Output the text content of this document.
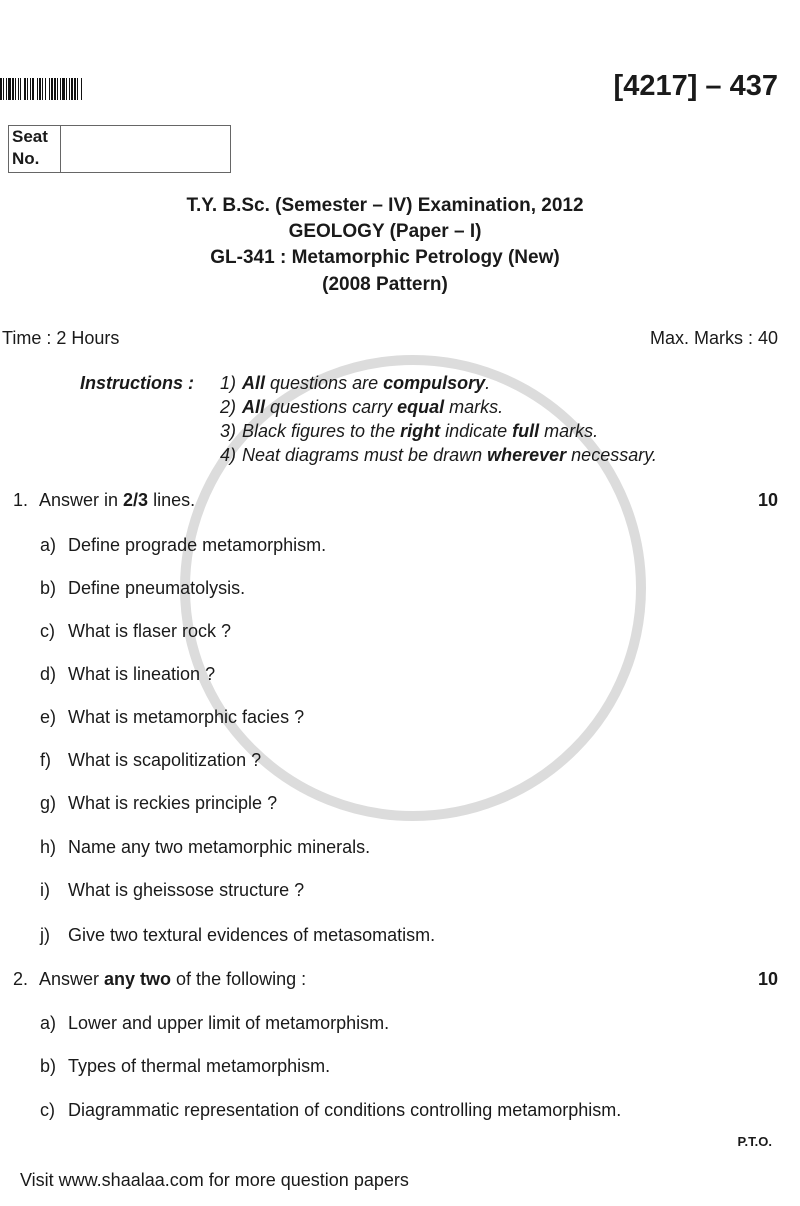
[4217] – 437
Seat
No.
T.Y. B.Sc. (Semester – IV) Examination, 2012
GEOLOGY (Paper – I)
GL-341 : Metamorphic Petrology (New)
(2008 Pattern)
Time : 2 Hours	Max. Marks : 40
Instructions :	1) All questions are compulsory.
2) All questions carry equal marks.
3) Black figures to the right indicate full marks.
4) Neat diagrams must be drawn wherever necessary.
1. Answer in 2/3 lines.	10
a) Define prograde metamorphism.
b) Define pneumatolysis.
c) What is flaser rock ?
d) What is lineation ?
e) What is metamorphic facies ?
f) What is scapolitization ?
g) What is reckies principle ?
h) Name any two metamorphic minerals.
i) What is gheissose structure ?
j) Give two textural evidences of metasomatism.
2. Answer any two of the following :	10
a) Lower and upper limit of metamorphism.
b) Types of thermal metamorphism.
c) Diagrammatic representation of conditions controlling metamorphism.
P.T.O.
Visit www.shaalaa.com for more question papers
